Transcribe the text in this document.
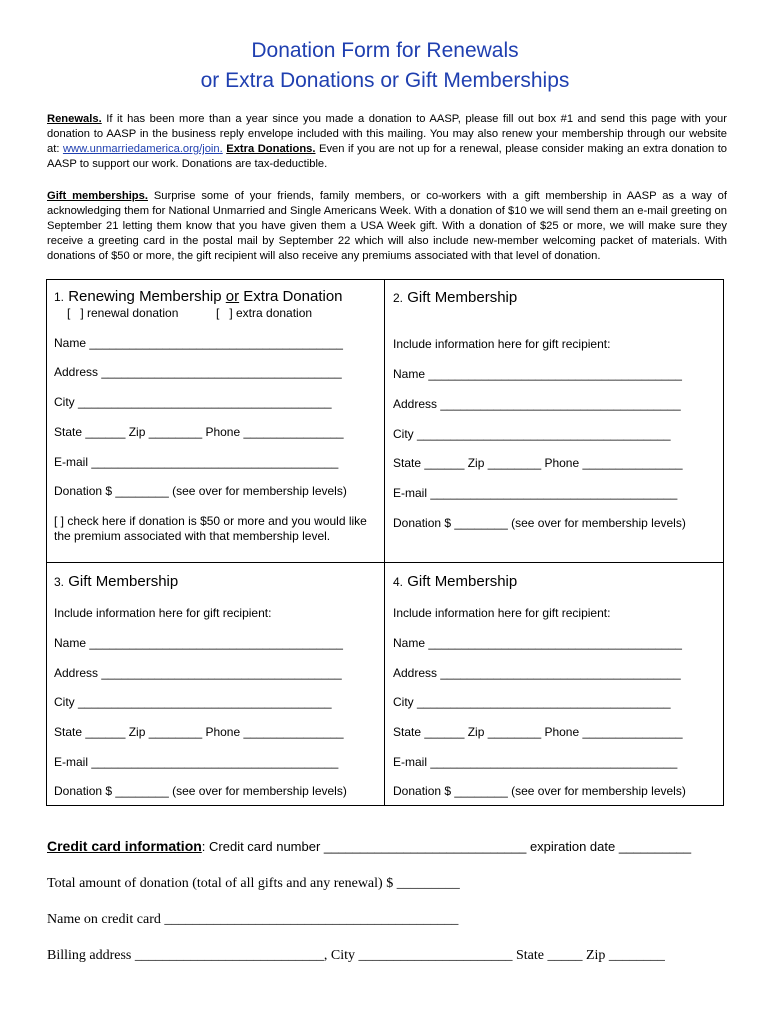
Donation Form for Renewals
or Extra Donations or Gift Memberships
Renewals. If it has been more than a year since you made a donation to AASP, please fill out box #1 and send this page with your donation to AASP in the business reply envelope included with this mailing. You may also renew your membership through our website at: www.unmarriedamerica.org/join. Extra Donations. Even if you are not up for a renewal, please consider making an extra donation to AASP to support our work. Donations are tax-deductible.
Gift memberships. Surprise some of your friends, family members, or co-workers with a gift membership in AASP as a way of acknowledging them for National Unmarried and Single Americans Week. With a donation of $10 we will send them an e-mail greeting on September 21 letting them know that you have given them a USA Week gift. With a donation of $25 or more, we will make sure they receive a greeting card in the postal mail by September 22 which will also include new-member welcoming packet of materials. With donations of $50 or more, the gift recipient will also receive any premiums associated with that level of donation.
1. Renewing Membership or Extra Donation
[   ] renewal donation	[   ] extra donation
Name ______________________________________
Address ____________________________________
City ______________________________________
State ______ Zip ________ Phone _______________
E-mail _____________________________________
Donation $ ________ (see over for membership levels)
[ ] check here if donation is $50 or more and you would like the premium associated with that membership level.
2. Gift Membership
Include information here for gift recipient:
Name ______________________________________
Address ____________________________________
City ______________________________________
State ______ Zip ________ Phone _______________
E-mail _____________________________________
Donation $ ________ (see over for membership levels)
3. Gift Membership
Include information here for gift recipient:
Name ______________________________________
Address ____________________________________
City ______________________________________
State ______ Zip ________ Phone _______________
E-mail _____________________________________
Donation $ ________ (see over for membership levels)
4. Gift Membership
Include information here for gift recipient:
Name ______________________________________
Address ____________________________________
City ______________________________________
State ______ Zip ________ Phone _______________
E-mail _____________________________________
Donation $ ________ (see over for membership levels)
Credit card information: Credit card number ____________________________ expiration date __________
Total amount of donation (total of all gifts and any renewal) $ _________
Name on credit card __________________________________________
Billing address ___________________________, City ______________________ State _____ Zip ________
